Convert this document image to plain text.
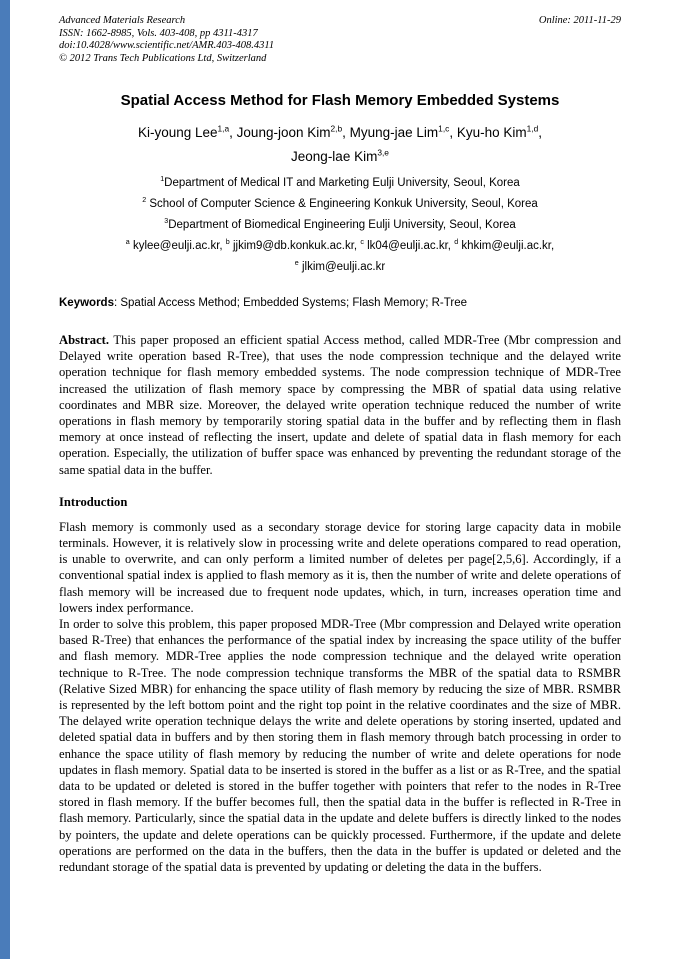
Advanced Materials Research
ISSN: 1662-8985, Vols. 403-408, pp 4311-4317
doi:10.4028/www.scientific.net/AMR.403-408.4311
© 2012 Trans Tech Publications Ltd, Switzerland
Online: 2011-11-29
Spatial Access Method for Flash Memory Embedded Systems
Ki-young Lee$^{1,a}$, Joung-joon Kim$^{2,b}$, Myung-jae Lim$^{1,c}$, Kyu-ho Kim$^{1,d}$,
Jeong-lae Kim$^{3,e}$
$^1$Department of Medical IT and Marketing Eulji University, Seoul, Korea
$^2$ School of Computer Science & Engineering Konkuk University, Seoul, Korea
$^3$Department of Biomedical Engineering Eulji University, Seoul, Korea
$^a$ kylee@eulji.ac.kr, $^b$ jjkim9@db.konkuk.ac.kr, $^c$ lk04@eulji.ac.kr, $^d$ khkim@eulji.ac.kr,
$^e$ jlkim@eulji.ac.kr
Keywords: Spatial Access Method; Embedded Systems; Flash Memory; R-Tree

Abstract. This paper proposed an efficient spatial Access method, called MDR-Tree (Mbr compression and Delayed write operation based R-Tree), that uses the node compression technique and the delayed write operation technique for flash memory embedded systems. The node compression technique of MDR-Tree increased the utilization of flash memory space by compressing the MBR of spatial data using relative coordinates and MBR size. Moreover, the delayed write operation technique reduced the number of write operations in flash memory by temporarily storing spatial data in the buffer and by reflecting them in flash memory at once instead of reflecting the insert, update and delete of spatial data in flash memory for each operation. Especially, the utilization of buffer space was enhanced by preventing the redundant storage of the same spatial data in the buffer.

Introduction

Flash memory is commonly used as a secondary storage device for storing large capacity data in mobile terminals. However, it is relatively slow in processing write and delete operations compared to read operation, is unable to overwrite, and can only perform a limited number of deletes per page[2,5,6]. Accordingly, if a conventional spatial index is applied to flash memory as it is, then the number of write and delete operations of flash memory will be increased due to frequent node updates, which, in turn, increases operation time and lowers index performance.

In order to solve this problem, this paper proposed MDR-Tree (Mbr compression and Delayed write operation based R-Tree) that enhances the performance of the spatial index by increasing the space utility of the buffer and flash memory. MDR-Tree applies the node compression technique and the delayed write operation technique to R-Tree. The node compression technique transforms the MBR of the spatial data to RSMBR (Relative Sized MBR) for enhancing the space utility of flash memory by reducing the size of MBR. RSMBR is represented by the left bottom point and the right top point in the relative coordinates and the size of MBR. The delayed write operation technique delays the write and delete operations by storing inserted, updated and deleted spatial data in buffers and by then storing them in flash memory through batch processing in order to enhance the space utility of flash memory by reducing the number of write and delete operations for node updates in flash memory. Spatial data to be inserted is stored in the buffer as a list or as R-Tree, and the spatial data to be updated or deleted is stored in the buffer together with pointers that refer to the nodes in R-Tree stored in flash memory. If the buffer becomes full, then the spatial data in the buffer is reflected in R-Tree in flash memory. Particularly, since the spatial data in the update and delete buffers is directly linked to the nodes by pointers, the update and delete operations can be quickly processed. Furthermore, if the update and delete operations are performed on the data in the buffers, then the data in the buffer is updated or deleted and the redundant storage of the spatial data is prevented by updating or deleting the data in the buffers.
